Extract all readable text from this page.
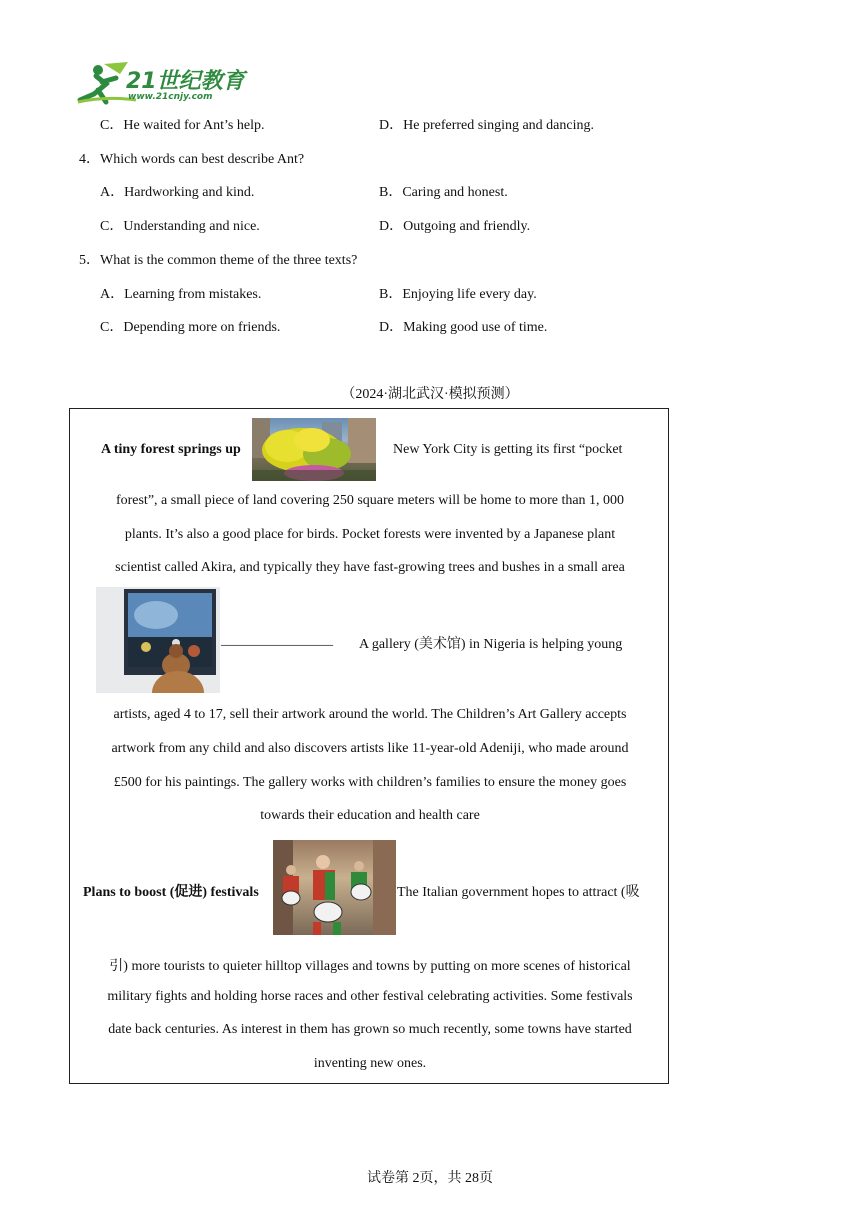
21世纪教育
www.21cnjy.com
C．He waited for Ant’s help.	D．He preferred singing and dancing.
4．Which words can best describe Ant?
A．Hardworking and kind.	B．Caring and honest.
C．Understanding and nice.	D．Outgoing and friendly.
5．What is the common theme of the three texts?
A．Learning from mistakes.	B．Enjoying life every day.
C．Depending more on friends.	D．Making good use of time.
（2024·湖北武汉·模拟预测）
A tiny forest springs up	New York City is getting its first “pocket
forest”, a small piece of land covering 250 square meters will be home to more than 1, 000
plants. It’s also a good place for birds. Pocket forests were invented by a Japanese plant
scientist called Akira, and typically they have fast-growing trees and bushes in a small area
________________ A gallery (美术馆) in Nigeria is helping young
artists, aged 4 to 17, sell their artwork around the world. The Children’s Art Gallery accepts
artwork from any child and also discovers artists like 11-year-old Adeniji, who made around
£500 for his paintings. The gallery works with children’s families to ensure the money goes
towards their education and health care
Plans to boost (促进) festivals	The Italian government hopes to attract (吸
引) more tourists to quieter hilltop villages and towns by putting on more scenes of historical
military fights and holding horse races and other festival celebrating activities. Some festivals
date back centuries. As interest in them has grown so much recently, some towns have started
inventing new ones.
试卷第 2页，共 28页
